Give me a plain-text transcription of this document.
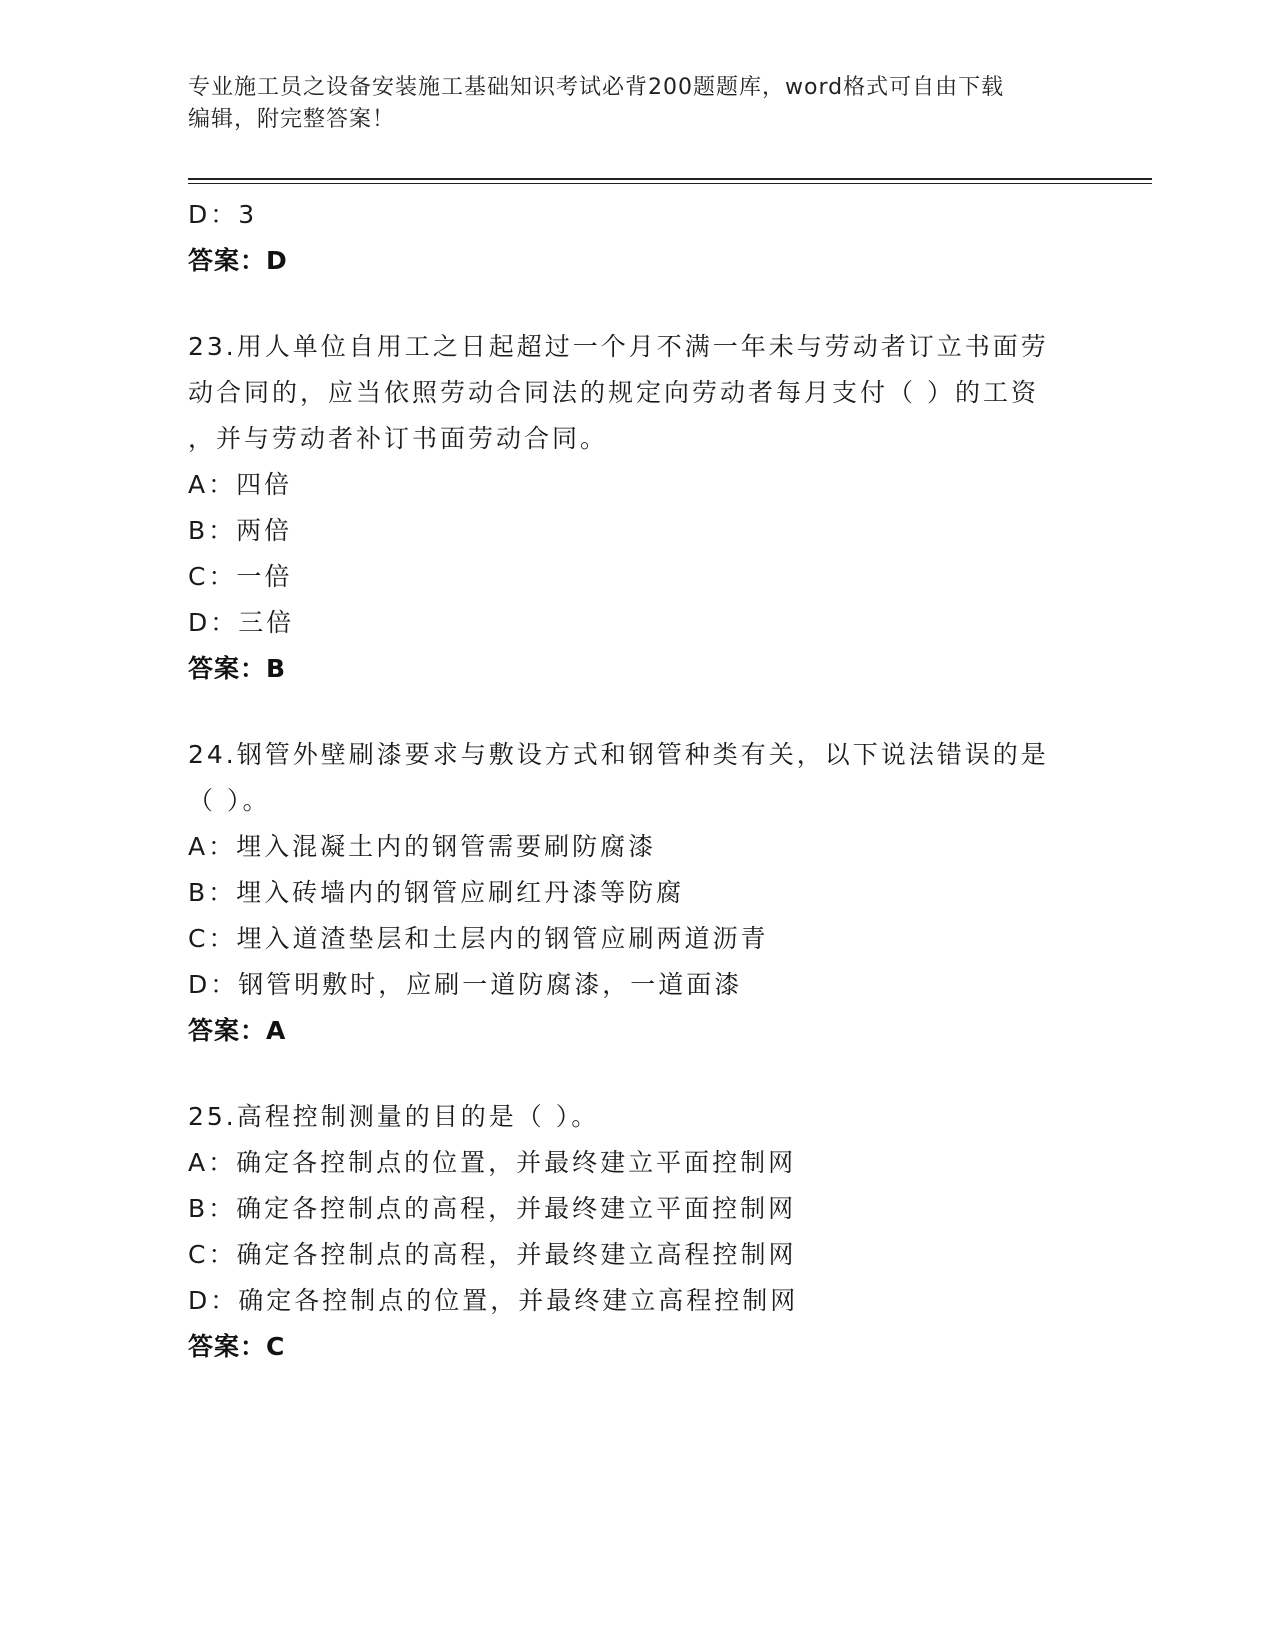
专业施工员之设备安装施工基础知识考试必背200题题库，word格式可自由下载
编辑，附完整答案！
D：3
答案：D
23.用人单位自用工之日起超过一个月不满一年未与劳动者订立书面劳
动合同的，应当依照劳动合同法的规定向劳动者每月支付（ ）的工资
，并与劳动者补订书面劳动合同。
A：四倍
B：两倍
C：一倍
D：三倍
答案：B
24.钢管外壁刷漆要求与敷设方式和钢管种类有关，以下说法错误的是
（ ）。
A：埋入混凝土内的钢管需要刷防腐漆
B：埋入砖墙内的钢管应刷红丹漆等防腐
C：埋入道渣垫层和土层内的钢管应刷两道沥青
D：钢管明敷时，应刷一道防腐漆，一道面漆
答案：A
25.高程控制测量的目的是（ ）。
A：确定各控制点的位置，并最终建立平面控制网
B：确定各控制点的高程，并最终建立平面控制网
C：确定各控制点的高程，并最终建立高程控制网
D：确定各控制点的位置，并最终建立高程控制网
答案：C
